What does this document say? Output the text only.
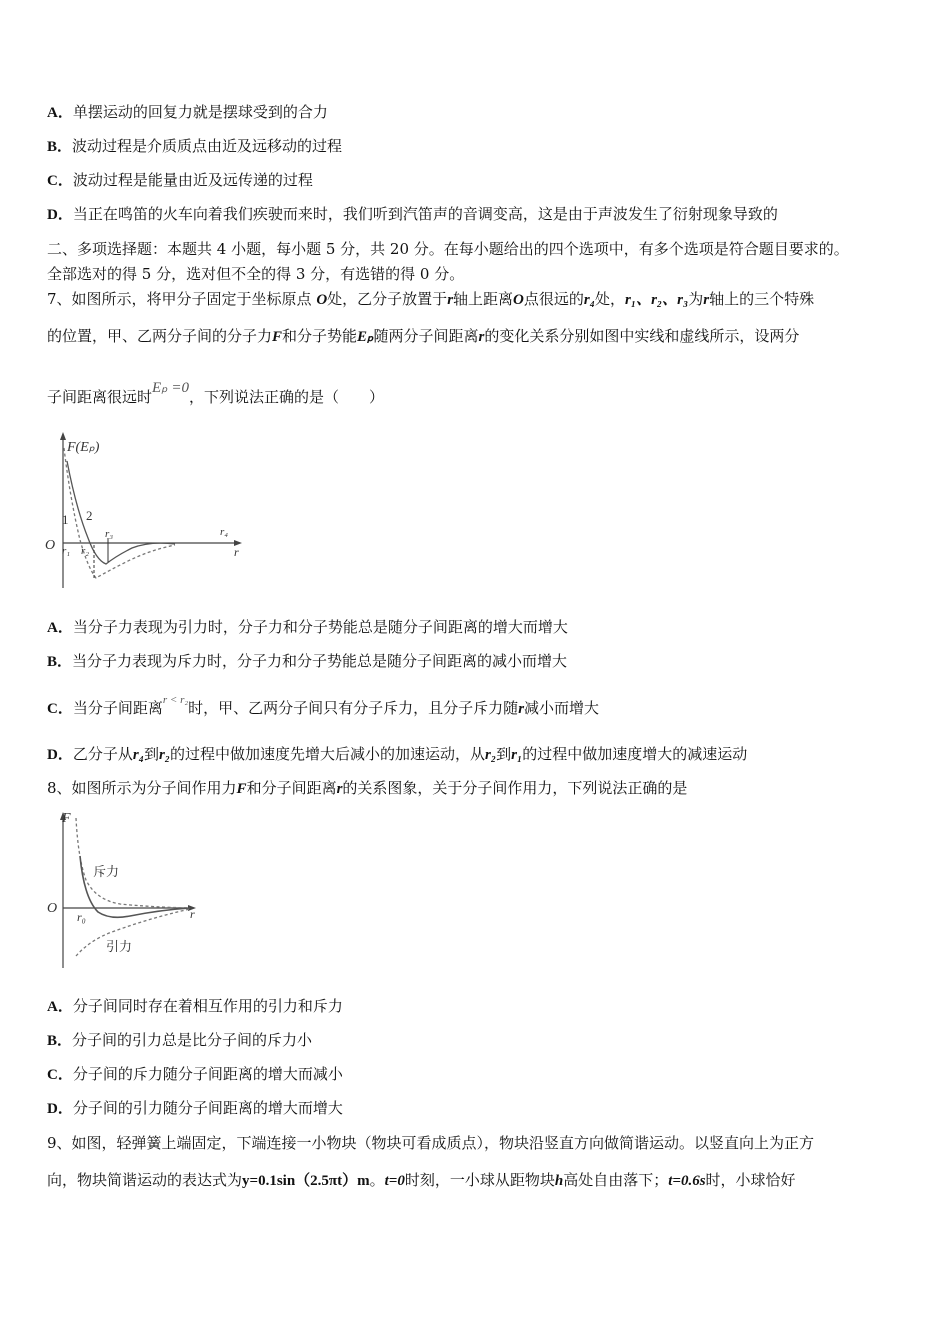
A．单摆运动的回复力就是摆球受到的合力
B．波动过程是介质质点由近及远移动的过程
C．波动过程是能量由近及远传递的过程
D．当正在鸣笛的火车向着我们疾驶而来时，我们听到汽笛声的音调变高，这是由于声波发生了衍射现象导致的
二、多项选择题：本题共 4 小题，每小题 5 分，共 20 分。在每小题给出的四个选项中，有多个选项是符合题目要求的。
全部选对的得 5 分，选对但不全的得 3 分，有选错的得 0 分。
7、如图所示，将甲分子固定于坐标原点 O处，乙分子放置于r轴上距离O点很远的r₄处，r₁、r₂、r₃为r轴上的三个特殊
的位置，甲、乙两分子间的分子力F和分子势能Eₚ随两分子间距离r的变化关系分别如图中实线和虚线所示，设两分
子间距离很远时Eₚ =0，下列说法正确的是（　　）
F(Eₚ)
O
1 2
r₁ r₂
r₃	r₄
r
A．当分子力表现为引力时，分子力和分子势能总是随分子间距离的增大而增大
B．当分子力表现为斥力时，分子力和分子势能总是随分子间距离的减小而增大
C．当分子间距离$^{r < r_2}$时，甲、乙两分子间只有分子斥力，且分子斥力随r减小而增大
D．乙分子从r₄到r₂的过程中做加速度先增大后减小的加速运动，从r₂到r₁的过程中做加速度增大的减速运动
8、如图所示为分子间作用力F和分子间距离r的关系图象，关于分子间作用力，下列说法正确的是
F
O
r₀	r
斥力
引力
A．分子间同时存在着相互作用的引力和斥力
B．分子间的引力总是比分子间的斥力小
C．分子间的斥力随分子间距离的增大而减小
D．分子间的引力随分子间距离的增大而增大
9、如图，轻弹簧上端固定，下端连接一小物块（物块可看成质点），物块沿竖直方向做简谐运动。以竖直向上为正方
向，物块简谐运动的表达式为y=0.1sin（2.5πt）m。t=0时刻，一小球从距物块h高处自由落下；t=0.6s时，小球恰好
